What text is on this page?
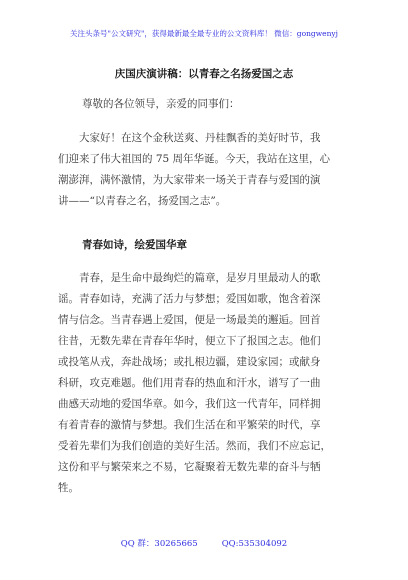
关注头条号"公文研究"，获得最新最全最专业的公文资料库！ 微信：gongwenyj
庆国庆演讲稿：以青春之名扬爱国之志
尊敬的各位领导，亲爱的同事们：
大家好！在这个金秋送爽、丹桂飘香的美好时节，我
们迎来了伟大祖国的 75 周年华诞。今天，我站在这里，心
潮澎湃，满怀激情，为大家带来一场关于青春与爱国的演
讲——“以青春之名，扬爱国之志”。
青春如诗，绘爱国华章
青春，是生命中最绚烂的篇章，是岁月里最动人的歌
谣。青春如诗，充满了活力与梦想；爱国如歌，饱含着深
情与信念。当青春遇上爱国，便是一场最美的邂逅。回首
往昔，无数先辈在青春年华时，便立下了报国之志。他们
或投笔从戎，奔赴战场；或扎根边疆，建设家园；或献身
科研，攻克难题。他们用青春的热血和汗水，谱写了一曲
曲感天动地的爱国华章。如今，我们这一代青年，同样拥
有着青春的激情与梦想。我们生活在和平繁荣的时代，享
受着先辈们为我们创造的美好生活。然而，我们不应忘记，
这份和平与繁荣来之不易，它凝聚着无数先辈的奋斗与牺
牲。
QQ 群：30265665	QQ:535304092
